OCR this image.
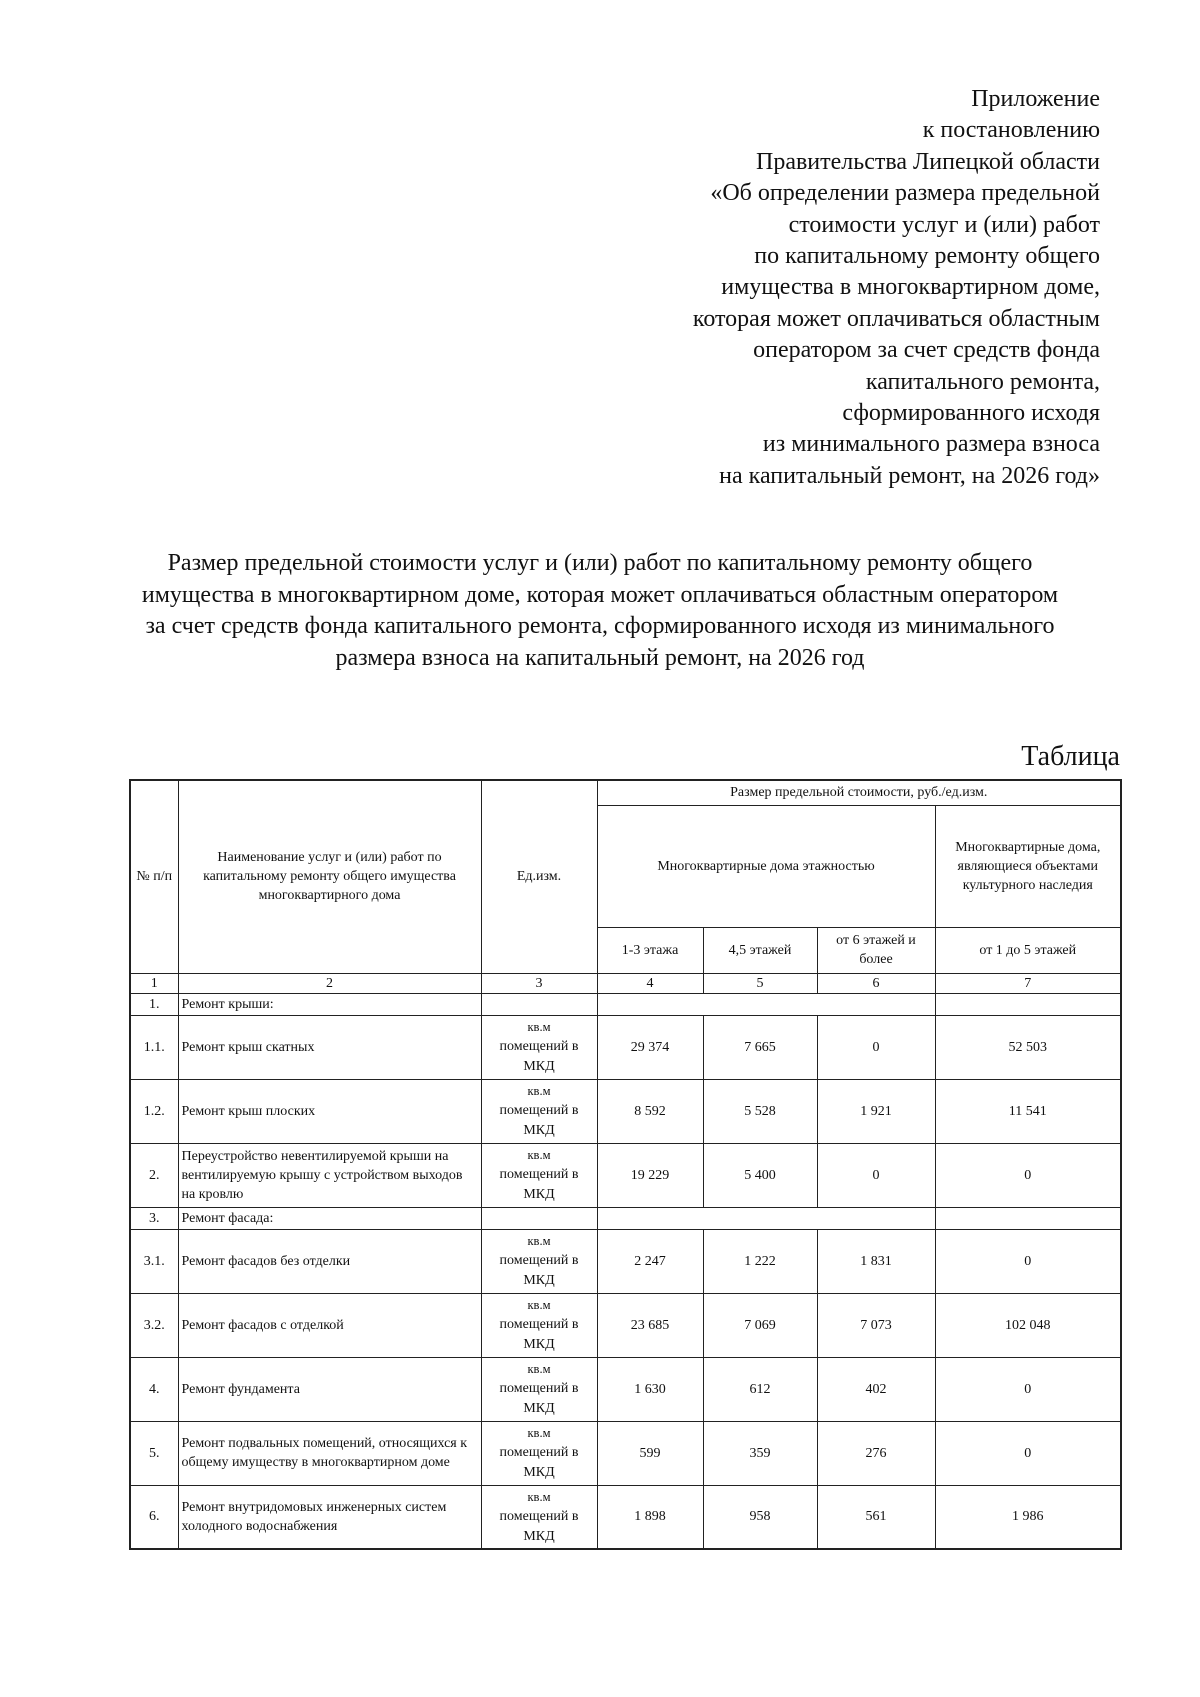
Приложение
к постановлению
Правительства Липецкой области
«Об определении размера предельной
стоимости услуг и (или) работ
по капитальному ремонту общего
имущества в многоквартирном доме,
которая может оплачиваться областным
оператором за счет средств фонда
капитального ремонта,
сформированного исходя
из минимального размера взноса
на капитальный ремонт, на 2026 год»
Размер предельной стоимости услуг и (или) работ по капитальному ремонту общего
имущества в многоквартирном доме, которая может оплачиваться областным оператором
за счет средств фонда капитального ремонта, сформированного исходя из минимального
размера взноса на капитальный ремонт, на 2026 год
Таблица
№ п/п	Наименование услуг и (или) работ по капитальному ремонту общего имущества многоквартирного дома	Ед.изм.	Размер предельной стоимости, руб./ед.изм.			
			Многоквартирные дома этажностью			Многоквартирные дома, являющиеся объектами культурного наследия
			1-3 этажа	4,5 этажей	от 6 этажей и более	от 1 до 5 этажей
1	2	3	4	5	6	7
1.	Ремонт крыши:					
1.1.	Ремонт крыш скатных	кв.м
помещений в
МКД	29 374	7 665	0	52 503
1.2.	Ремонт крыш плоских	кв.м
помещений в
МКД	8 592	5 528	1 921	11 541
2.	Переустройство невентилируемой крыши на вентилируемую крышу с устройством выходов на кровлю	кв.м
помещений в
МКД	19 229	5 400	0	0
3.	Ремонт фасада:					
3.1.	Ремонт фасадов без отделки	кв.м
помещений в
МКД	2 247	1 222	1 831	0
3.2.	Ремонт фасадов с отделкой	кв.м
помещений в
МКД	23 685	7 069	7 073	102 048
4.	Ремонт фундамента	кв.м
помещений в
МКД	1 630	612	402	0
5.	Ремонт подвальных помещений, относящихся к общему имуществу в многоквартирном доме	кв.м
помещений в
МКД	599	359	276	0
6.	Ремонт внутридомовых инженерных систем холодного водоснабжения	кв.м
помещений в
МКД	1 898	958	561	1 986
